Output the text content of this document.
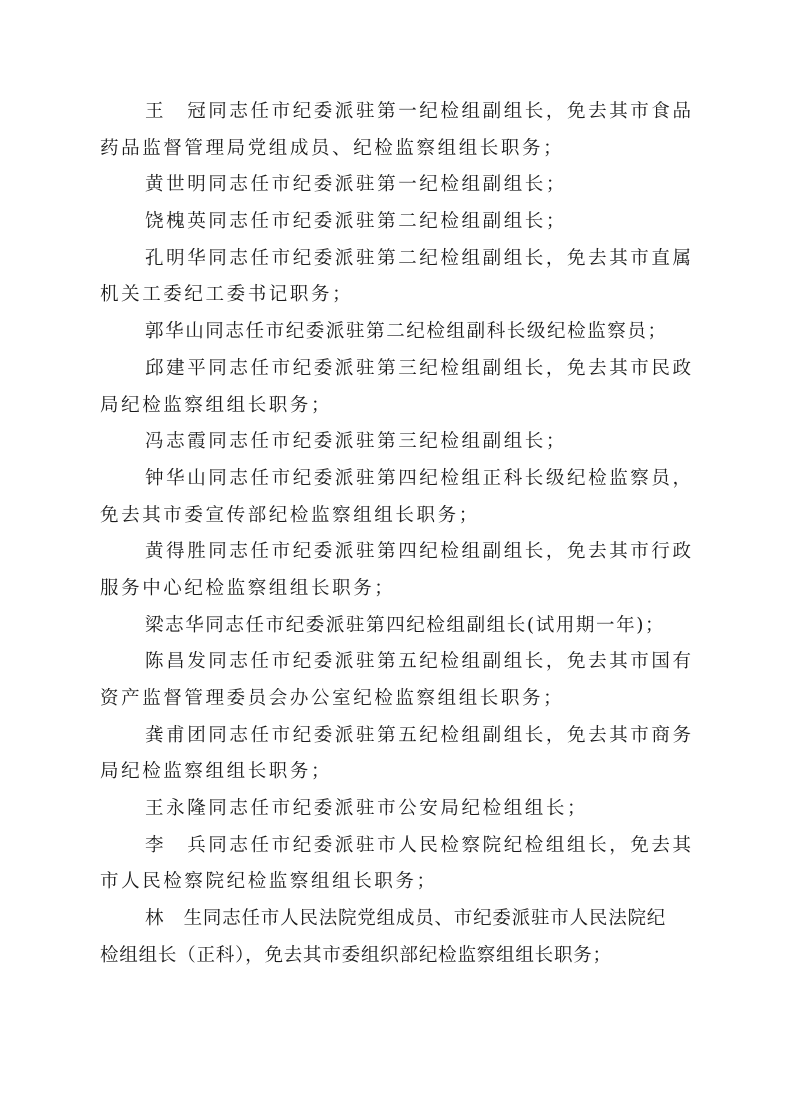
王　冠同志任市纪委派驻第一纪检组副组长，免去其市食品
药品监督管理局党组成员、纪检监察组组长职务；
黄世明同志任市纪委派驻第一纪检组副组长；
饶槐英同志任市纪委派驻第二纪检组副组长；
孔明华同志任市纪委派驻第二纪检组副组长，免去其市直属
机关工委纪工委书记职务；
郭华山同志任市纪委派驻第二纪检组副科长级纪检监察员；
邱建平同志任市纪委派驻第三纪检组副组长，免去其市民政
局纪检监察组组长职务；
冯志霞同志任市纪委派驻第三纪检组副组长；
钟华山同志任市纪委派驻第四纪检组正科长级纪检监察员，
免去其市委宣传部纪检监察组组长职务；
黄得胜同志任市纪委派驻第四纪检组副组长，免去其市行政
服务中心纪检监察组组长职务；
梁志华同志任市纪委派驻第四纪检组副组长(试用期一年)；
陈昌发同志任市纪委派驻第五纪检组副组长，免去其市国有
资产监督管理委员会办公室纪检监察组组长职务；
龚甫团同志任市纪委派驻第五纪检组副组长，免去其市商务
局纪检监察组组长职务；
王永隆同志任市纪委派驻市公安局纪检组组长；
李　兵同志任市纪委派驻市人民检察院纪检组组长，免去其
市人民检察院纪检监察组组长职务；
林　生同志任市人民法院党组成员、市纪委派驻市人民法院纪
检组组长（正科），免去其市委组织部纪检监察组组长职务；
